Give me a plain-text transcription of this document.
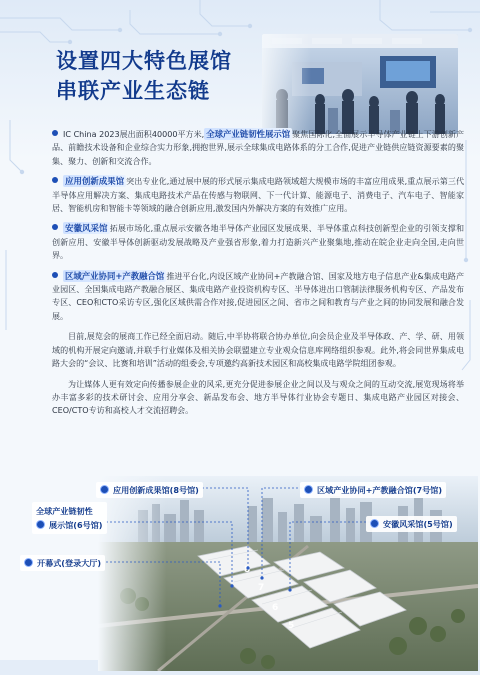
设置四大特色展馆
串联产业生态链

IC China 2023展出面积40000平方米, 全球产业链韧性展示馆 聚焦国际化,全面展示半导体产业链上下游创新产品、前瞻技术设备和企业综合实力形象,拥抱世界,展示全球集成电路体系的分工合作,促进产业链供应链资源要素的聚集、聚力、创新和交流合作。

应用创新成果馆 突出专业化,通过展中展的形式展示集成电路领域超大规模市场的丰富应用成果,重点展示第三代半导体应用解决方案、集成电路技术产品在传感与物联网、下一代计算、能源电子、消费电子、汽车电子、智能家居、智能机房和智能卡等领域的融合创新应用,激发国内外解决方案的有效推广应用。

安徽风采馆 拓展市场化,重点展示安徽各地半导体产业园区发展成果、半导体重点科技创新型企业的引领支撑和创新应用、安徽半导体创新驱动发展战略及产业强省形象,着力打造新兴产业聚集地,推动在皖企业走向全国,走向世界。

区域产业协同+产教融合馆 推进平台化,内设区域产业协同+产教融合馆、国家及地方电子信息产业&集成电路产业园区、全国集成电路产教融合展区、集成电路产业投资机构专区、半导体进出口管制法律服务机构专区、产品发布专区、CEO和CTO采访专区,强化区域供需合作对接,促进园区之间、省市之间和教育与产业之间的协同发展和融合发展。

目前,展览会的展商工作已经全面启动。随后,中半协将联合协办单位,向会员企业及半导体政、产、学、研、用领域的机构开展定向邀请,并联手行业媒体及相关协会联盟建立专业观众信息库网络组织参观。此外,将会同世界集成电路大会的“会议、比赛和培训”活动的组委会,专项邀约高新技术园区和高校集成电路学院组团参观。

为让媒体人更有效定向传播参展企业的风采,更充分促进参展企业之间以及与观众之间的互动交流,展览现场将举办丰富多彩的技术研讨会、应用分享会、新品发布会、地方半导体行业协会专题日、集成电路产业园区对接会、CEO/CTO专访和高校人才交流招聘会。

应用创新成果馆(8号馆)	区域产业协同+产教融合馆(7号馆)
全球产业链韧性
展示馆(6号馆)	安徽风采馆(5号馆)
开幕式(登录大厅)
